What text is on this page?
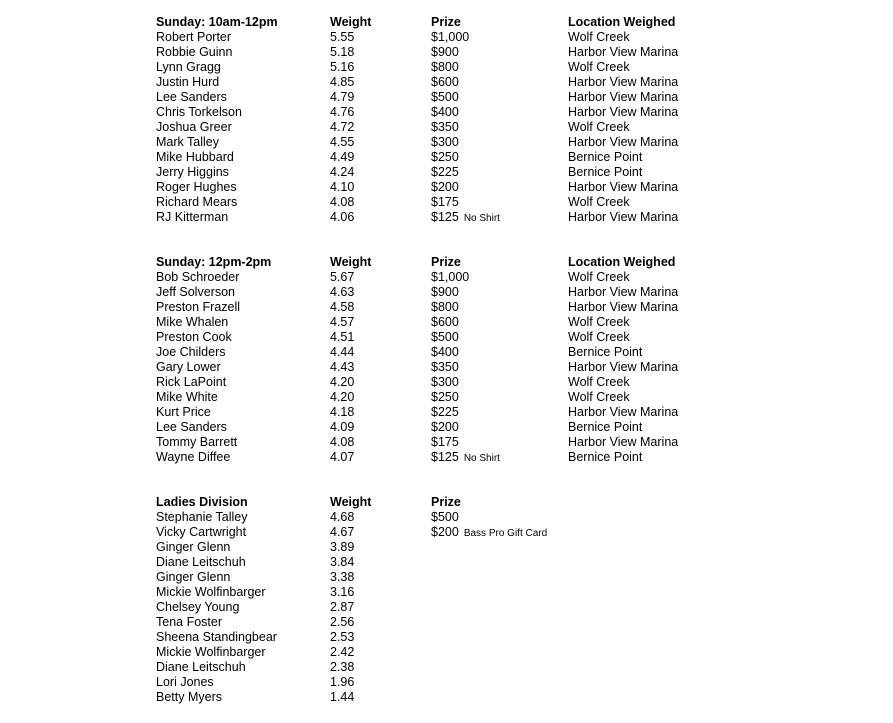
Sunday: 10am-12pm	Weight	Prize	Location Weighed
Robert Porter	5.55	$1,000	Wolf Creek
Robbie Guinn	5.18	$900	Harbor View Marina
Lynn Gragg	5.16	$800	Wolf Creek
Justin Hurd	4.85	$600	Harbor View Marina
Lee Sanders	4.79	$500	Harbor View Marina
Chris Torkelson	4.76	$400	Harbor View Marina
Joshua Greer	4.72	$350	Wolf Creek
Mark Talley	4.55	$300	Harbor View Marina
Mike Hubbard	4.49	$250	Bernice Point
Jerry Higgins	4.24	$225	Bernice Point
Roger Hughes	4.10	$200	Harbor View Marina
Richard Mears	4.08	$175	Wolf Creek
RJ Kitterman	4.06	$125 No Shirt	Harbor View Marina
Sunday: 12pm-2pm	Weight	Prize	Location Weighed
Bob Schroeder	5.67	$1,000	Wolf Creek
Jeff Solverson	4.63	$900	Harbor View Marina
Preston Frazell	4.58	$800	Harbor View Marina
Mike Whalen	4.57	$600	Wolf Creek
Preston Cook	4.51	$500	Wolf Creek
Joe Childers	4.44	$400	Bernice Point
Gary Lower	4.43	$350	Harbor View Marina
Rick LaPoint	4.20	$300	Wolf Creek
Mike White	4.20	$250	Wolf Creek
Kurt Price	4.18	$225	Harbor View Marina
Lee Sanders	4.09	$200	Bernice Point
Tommy Barrett	4.08	$175	Harbor View Marina
Wayne Diffee	4.07	$125 No Shirt	Bernice Point
Ladies Division	Weight	Prize
Stephanie Talley	4.68	$500
Vicky Cartwright	4.67	$200 Bass Pro Gift Card
Ginger Glenn	3.89
Diane Leitschuh	3.84
Ginger Glenn	3.38
Mickie Wolfinbarger	3.16
Chelsey Young	2.87
Tena Foster	2.56
Sheena Standingbear	2.53
Mickie Wolfinbarger	2.42
Diane Leitschuh	2.38
Lori Jones	1.96
Betty Myers	1.44
